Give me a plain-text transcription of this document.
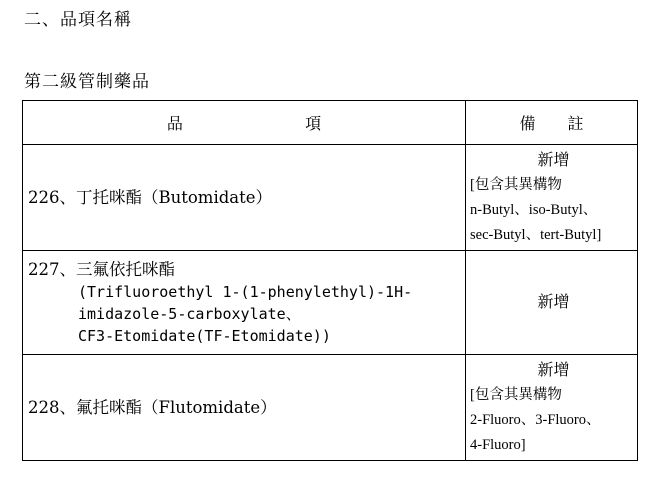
二、品項名稱
第二級管制藥品
品 項	備　　註
226、丁托咪酯（Butomidate）	新增
[包含其異構物
n-Butyl、iso-Butyl、
sec-Butyl、tert-Butyl]

227、三氟依托咪酯
(Trifluoroethyl 1-(1-phenylethyl)-1H-
imidazole-5-carboxylate、
CF3-Etomidate(TF-Etomidate))	新增

228、氟托咪酯（Flutomidate）	新增
[包含其異構物
2-Fluoro、3-Fluoro、
4-Fluoro]
